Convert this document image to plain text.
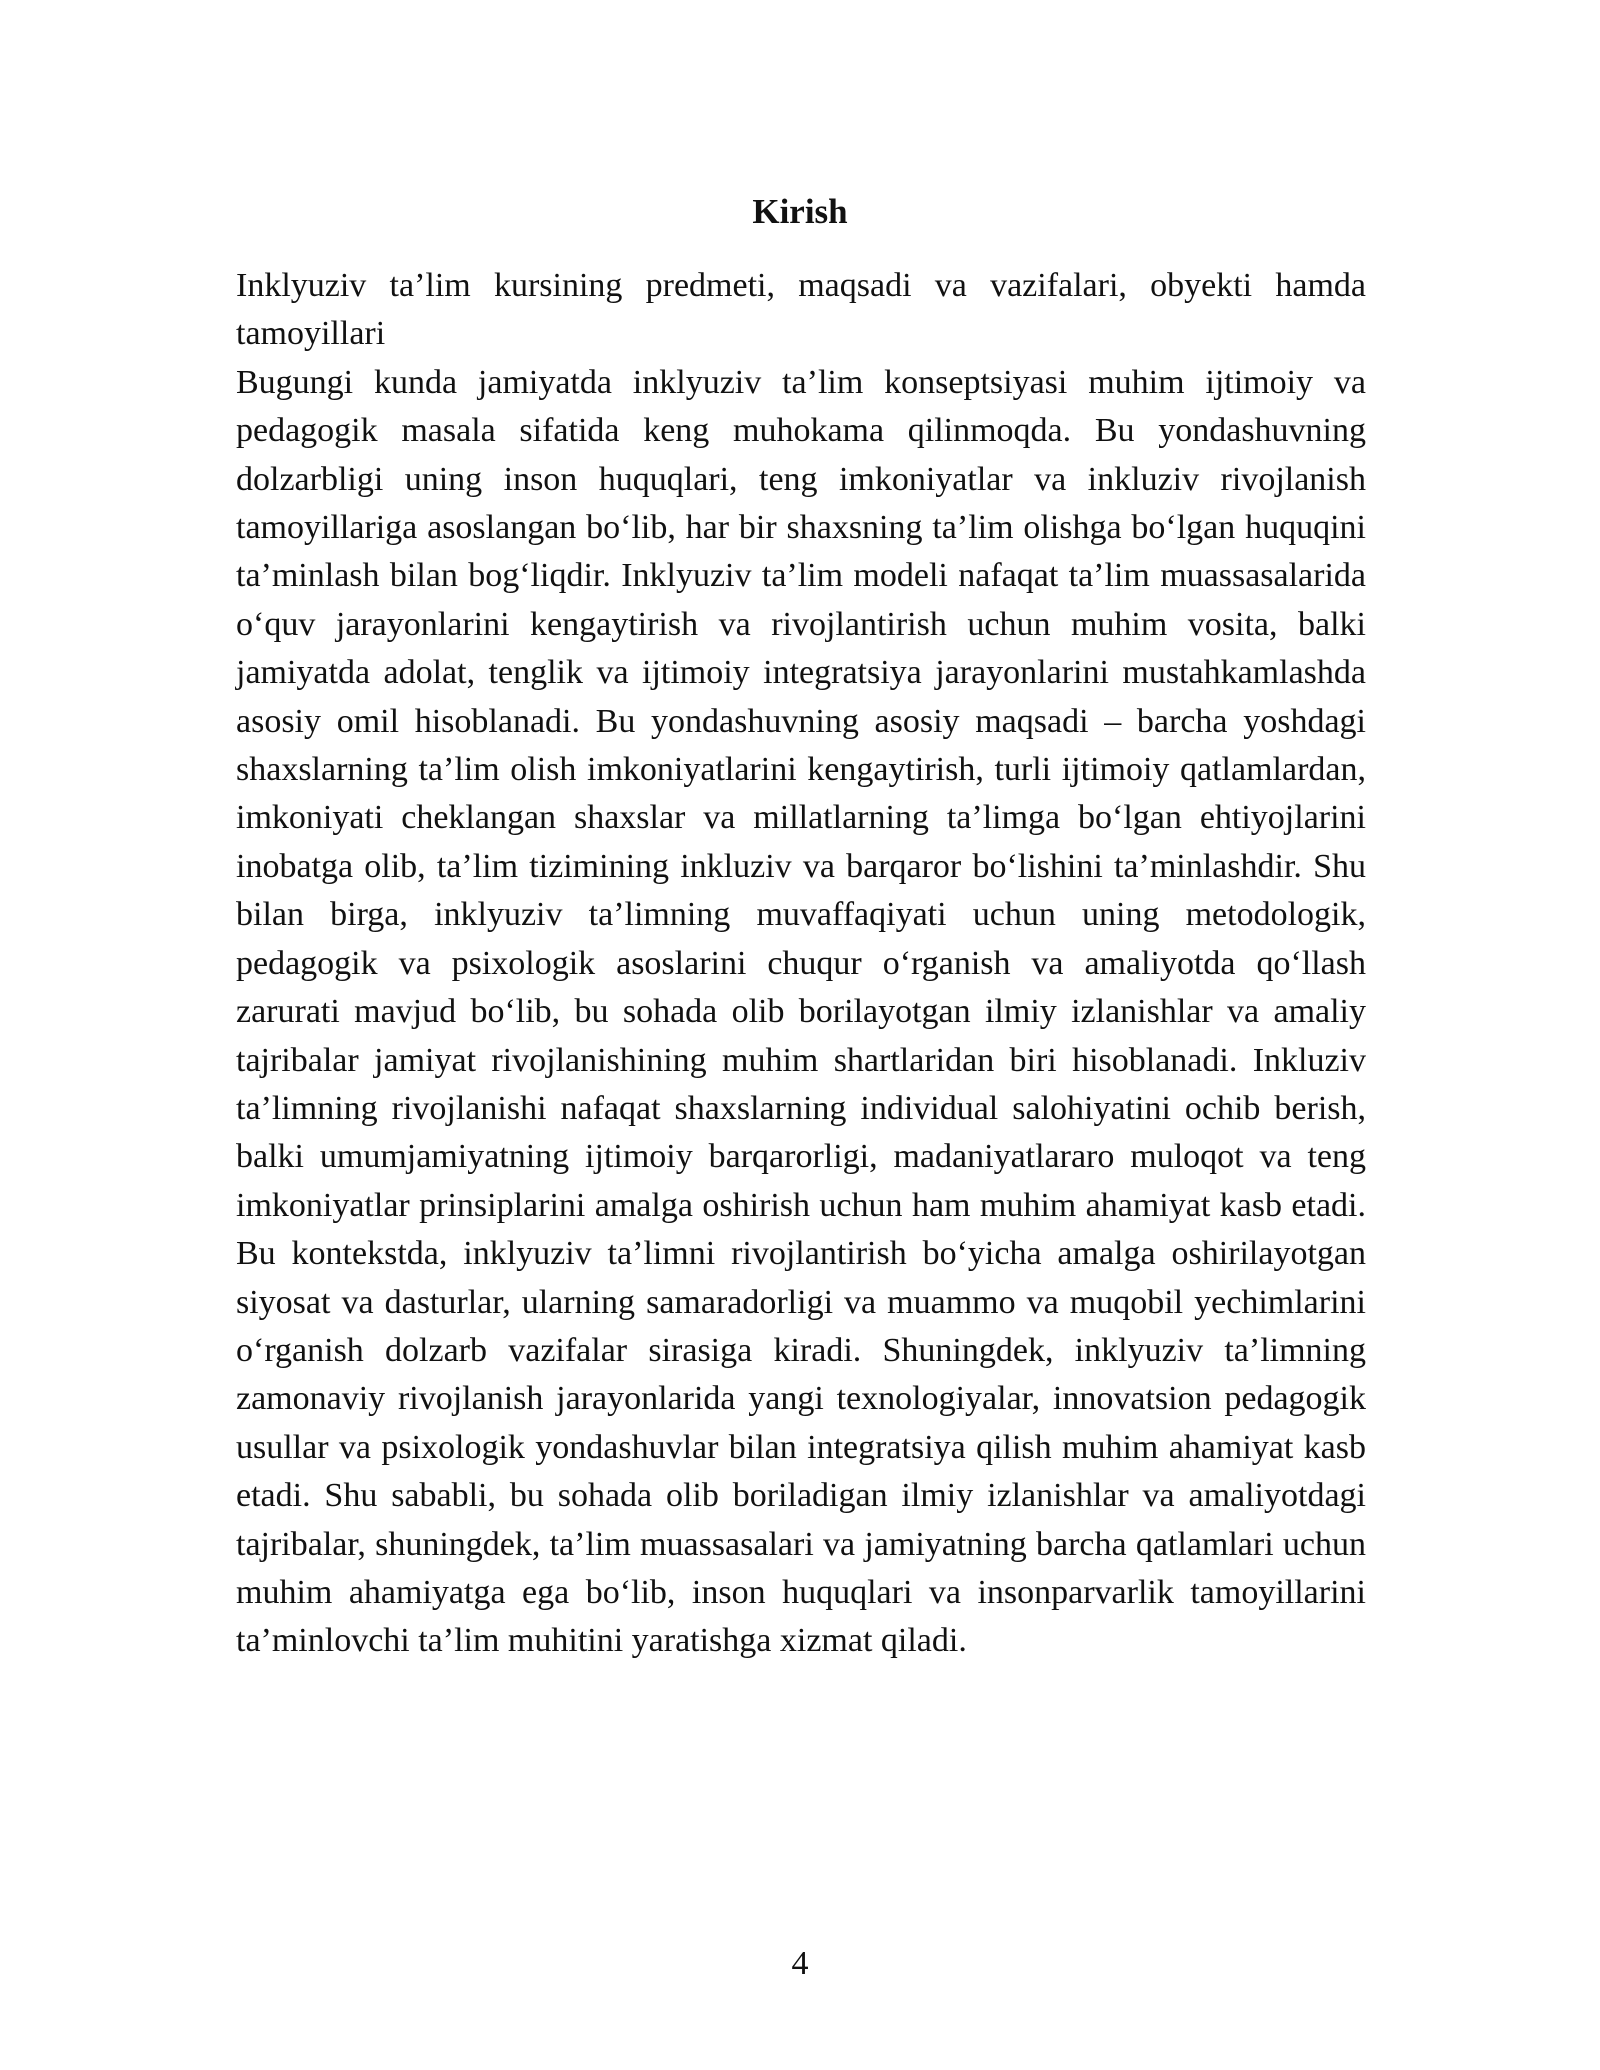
Kirish

Inklyuziv ta’lim kursining predmeti, maqsadi va vazifalari, obyekti hamda tamoyillari

Bugungi kunda jamiyatda inklyuziv ta’lim konseptsiyasi muhim ijtimoiy va pedagogik masala sifatida keng muhokama qilinmoqda. Bu yondashuvning dolzarbligi uning inson huquqlari, teng imkoniyatlar va inkluziv rivojlanish tamoyillariga asoslangan bo‘lib, har bir shaxsning ta’lim olishga bo‘lgan huquqini ta’minlash bilan bog‘liqdir. Inklyuziv ta’lim modeli nafaqat ta’lim muassasalarida o‘quv jarayonlarini kengaytirish va rivojlantirish uchun muhim vosita, balki jamiyatda adolat, tenglik va ijtimoiy integratsiya jarayonlarini mustahkamlashda asosiy omil hisoblanadi. Bu yondashuvning asosiy maqsadi – barcha yoshdagi shaxslarning ta’lim olish imkoniyatlarini kengaytirish, turli ijtimoiy qatlamlardan, imkoniyati cheklangan shaxslar va millatlarning ta’limga bo‘lgan ehtiyojlarini inobatga olib, ta’lim tizimining inkluziv va barqaror bo‘lishini ta’minlashdir. Shu bilan birga, inklyuziv ta’limning muvaffaqiyati uchun uning metodologik, pedagogik va psixologik asoslarini chuqur o‘rganish va amaliyotda qo‘llash zarurati mavjud bo‘lib, bu sohada olib borilayotgan ilmiy izlanishlar va amaliy tajribalar jamiyat rivojlanishining muhim shartlaridan biri hisoblanadi. Inkluziv ta’limning rivojlanishi nafaqat shaxslarning individual salohiyatini ochib berish, balki umumjamiyatning ijtimoiy barqarorligi, madaniyatlararo muloqot va teng imkoniyatlar prinsiplarini amalga oshirish uchun ham muhim ahamiyat kasb etadi. Bu kontekstda, inklyuziv ta’limni rivojlantirish bo‘yicha amalga oshirilayotgan siyosat va dasturlar, ularning samaradorligi va muammo va muqobil yechimlarini o‘rganish dolzarb vazifalar sirasiga kiradi. Shuningdek, inklyuziv ta’limning zamonaviy rivojlanish jarayonlarida yangi texnologiyalar, innovatsion pedagogik usullar va psixologik yondashuvlar bilan integratsiya qilish muhim ahamiyat kasb etadi. Shu sababli, bu sohada olib boriladigan ilmiy izlanishlar va amaliyotdagi tajribalar, shuningdek, ta’lim muassasalari va jamiyatning barcha qatlamlari uchun muhim ahamiyatga ega bo‘lib, inson huquqlari va insonparvarlik tamoyillarini ta’minlovchi ta’lim muhitini yaratishga xizmat qiladi.

4
